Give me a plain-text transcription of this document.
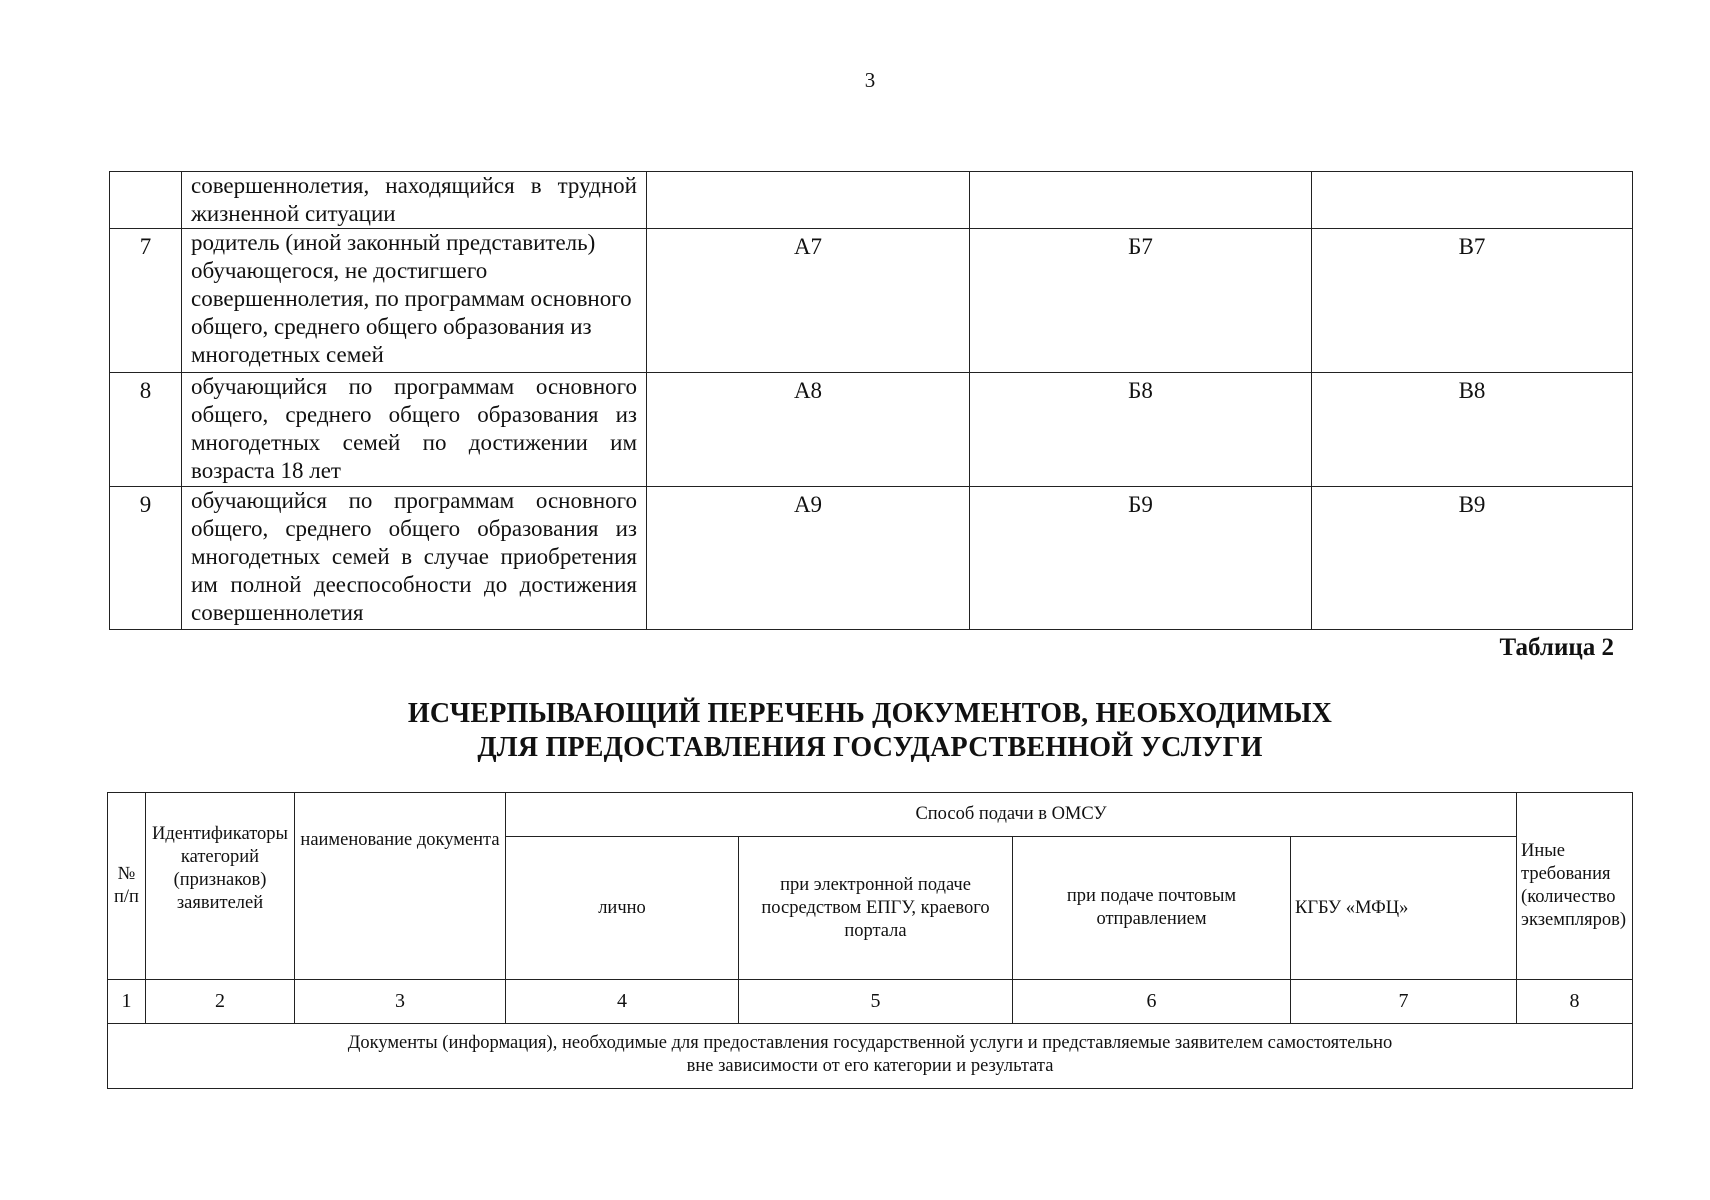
3
	совершеннолетия, находящийся в трудной жизненной ситуации			
7	родитель (иной законный представитель) обучающегося, не достигшего совершеннолетия, по программам основного общего, среднего общего образования из многодетных семей	А7	Б7	В7
8	обучающийся по программам основного общего, среднего общего образования из многодетных семей по достижении им возраста 18 лет	А8	Б8	В8
9	обучающийся по программам основного общего, среднего общего образования из многодетных семей в случае приобретения им полной дееспособности до достижения совершеннолетия	А9	Б9	В9
Таблица 2
ИСЧЕРПЫВАЮЩИЙ ПЕРЕЧЕНЬ ДОКУМЕНТОВ, НЕОБХОДИМЫХ
ДЛЯ ПРЕДОСТАВЛЕНИЯ ГОСУДАРСТВЕННОЙ УСЛУГИ
№ п/п	Идентификаторы категорий (признаков) заявителей	наименование документа	Способ подачи в ОМСУ				Иные требования (количество экземпляров)
			лично	при электронной подаче посредством ЕПГУ, краевого портала	при подаче почтовым отправлением	КГБУ «МФЦ»	
1	2	3	4	5	6	7	8

Документы (информация), необходимые для предоставления государственной услуги и представляемые заявителем самостоятельно
вне зависимости от его категории и результата							
